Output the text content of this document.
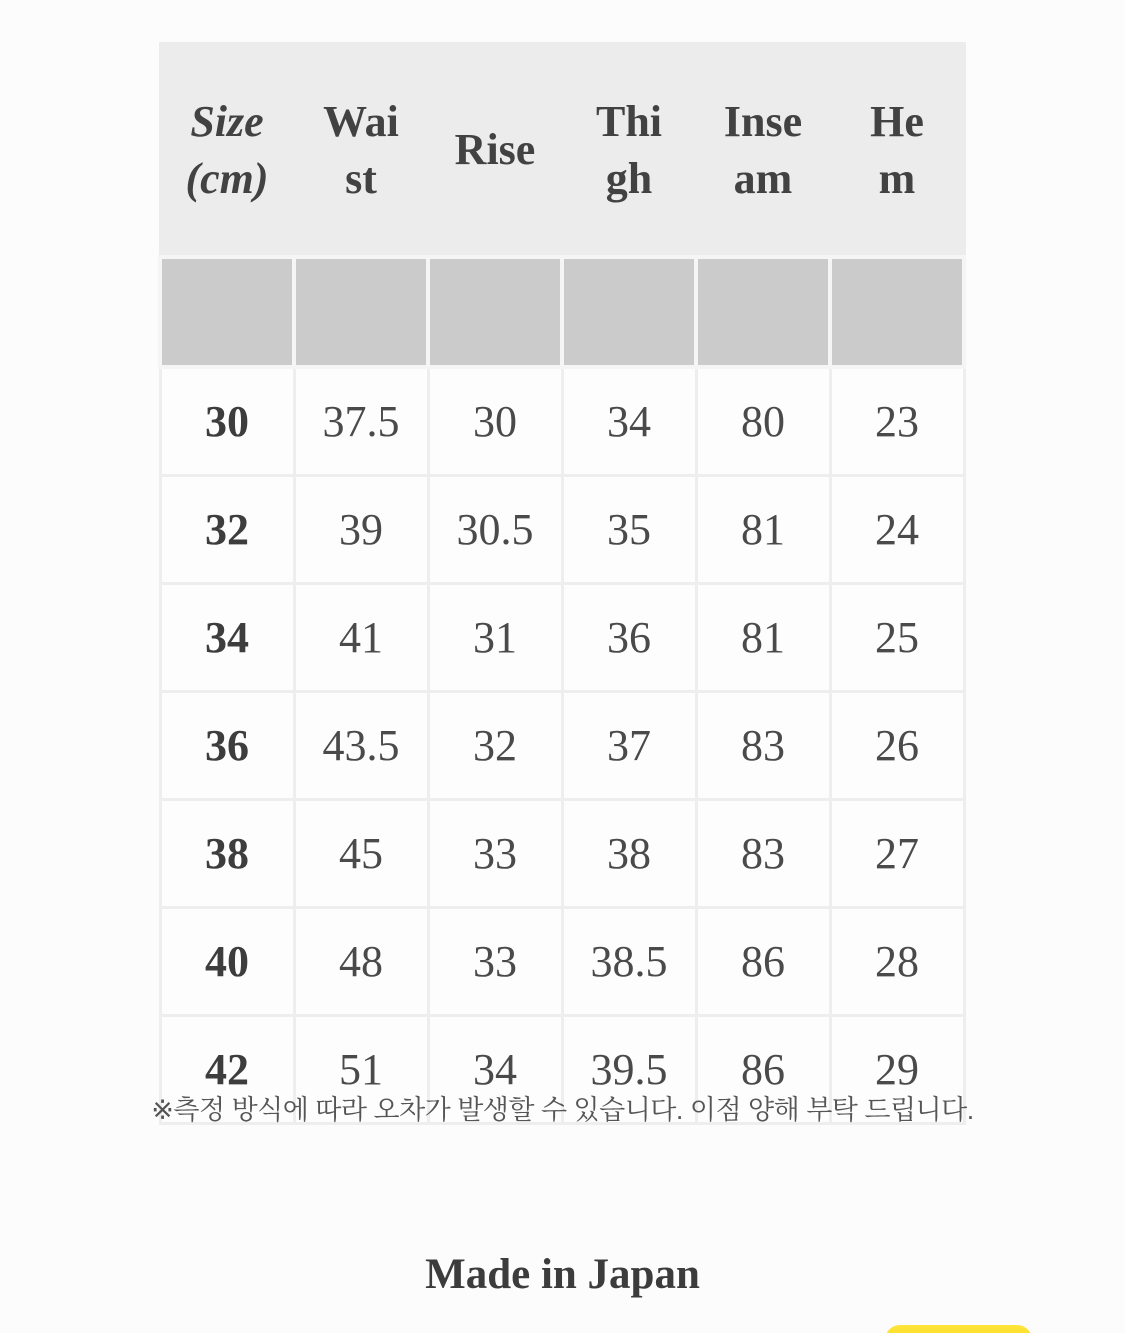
Size (cm)	Waist	Rise	Thigh	Inseam	Hem

30	37.5	30	34	80	23
32	39	30.5	35	81	24
34	41	31	36	81	25
36	43.5	32	37	83	26
38	45	33	38	83	27
40	48	33	38.5	86	28
42	51	34	39.5	86	29
※측정 방식에 따라 오차가 발생할 수 있습니다. 이점 양해 부탁 드립니다.
Made in Japan
